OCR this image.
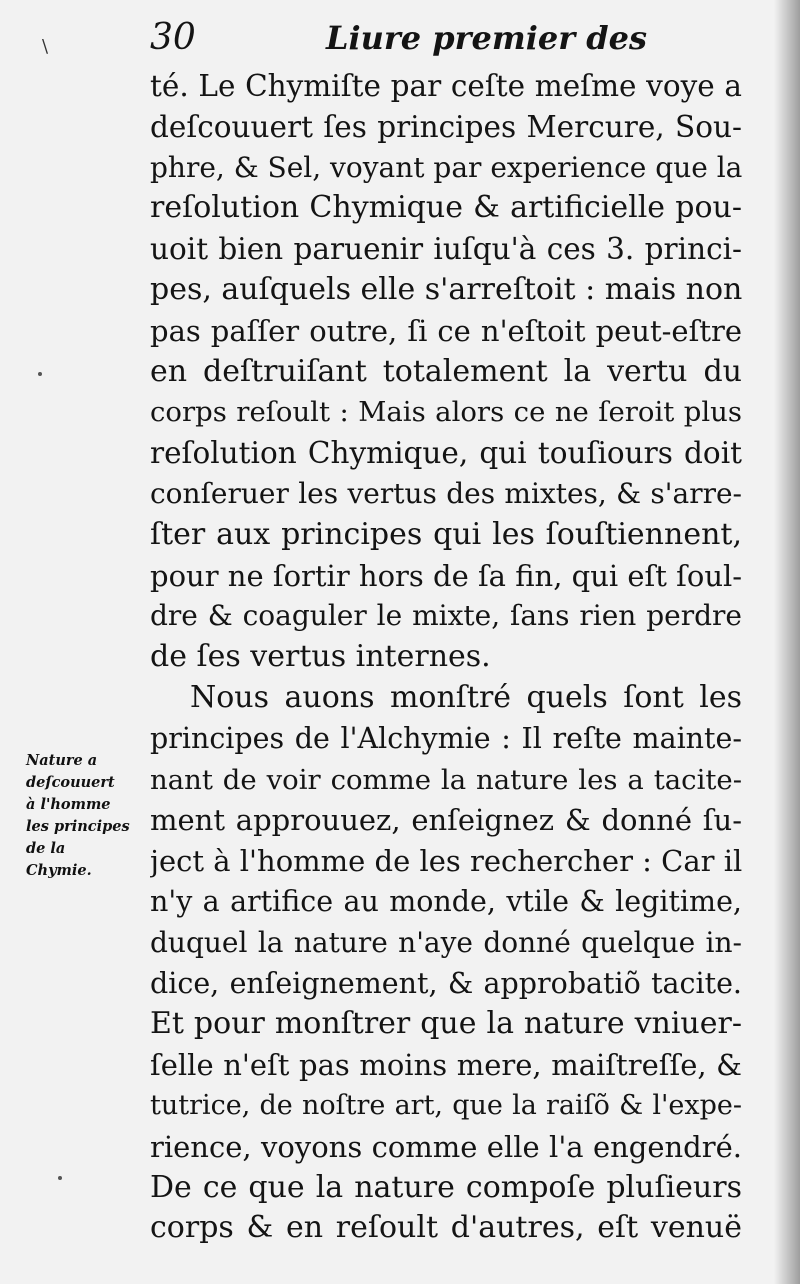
\	30	Liure premier des
té. Le Chymiſte par ceſte meſme voye a
deſcouuert ſes principes Mercure, Sou-
phre, & Sel, voyant par experience que la
reſolution Chymique & artificielle pou-
uoit bien paruenir iuſqu'à ces 3. princi-
pes, auſquels elle s'arreſtoit : mais non
pas paſſer outre, ſi ce n'eſtoit peut-eſtre
en deſtruiſant totalement la vertu du
corps reſoult : Mais alors ce ne ſeroit plus
reſolution Chymique, qui touſiours doit
conſeruer les vertus des mixtes, & s'arre-
ſter aux principes qui les ſouſtiennent,
pour ne ſortir hors de ſa fin, qui eſt ſoul-
dre & coaguler le mixte, ſans rien perdre
de ſes vertus internes.
Nous auons monſtré quels ſont les
principes de l'Alchymie : Il reſte mainte-
nant de voir comme la nature les a tacite-
ment approuuez, enſeignez & donné ſu-
ject à l'homme de les rechercher : Car il
n'y a artifice au monde, vtile & legitime,
duquel la nature n'aye donné quelque in-
dice, enſeignement, & approbatiõ tacite.
Et pour monſtrer que la nature vniuer-
ſelle n'eſt pas moins mere, maiſtreſſe, &
tutrice, de noſtre art, que la raiſõ & l'expe-
rience, voyons comme elle l'a engendré.
De ce que la nature compoſe pluſieurs
corps & en reſoult d'autres, eſt venuë
Nature a
deſcouuert
à l'homme
les principes
de la
Chymie.
